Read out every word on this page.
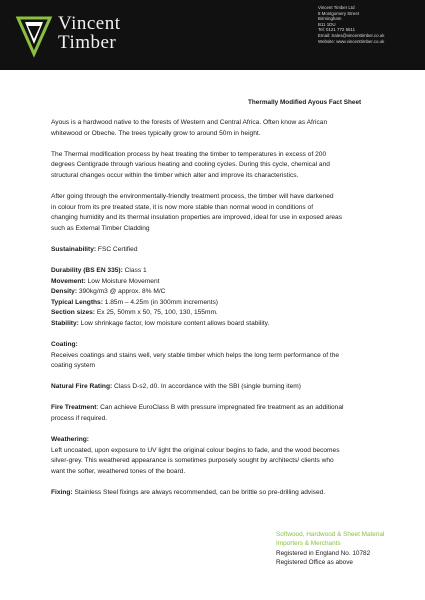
Vincent
Timber
Vincent Timber Ltd
8 Montgomery Street
Birmingham
B11 1DU
Tel: 0121 772 5511
Email: Sales@vincenttimber.co.uk
Website: www.vincenttimber.co.uk
Thermally Modified Ayous Fact Sheet

Ayous is a hardwood native to the forests of Western and Central Africa. Often know as African
whitewood or Obeche. The trees typically grow to around 50m in height.

The Thermal modification process by heat treating the timber to temperatures in excess of 200
degrees Centigrade through various heating and cooling cycles. During this cycle, chemical and
structural changes occur within the timber which alter and improve its characteristics.

After going through the environmentally-friendly treatment process, the timber will have darkened
in colour from its pre treated state, it is now more stable than normal wood in conditions of
changing humidity and its thermal insulation properties are improved, ideal for use in exposed areas
such as External Timber Cladding

Sustainability: FSC Certified

Durability (BS EN 335): Class 1
Movement: Low Moisture Movement
Density: 390kg/m3 @ approx. 8% M/C
Typical Lengths: 1.85m – 4.25m (in 300mm increments)
Section sizes: Ex 25, 50mm x 50, 75, 100, 130, 155mm.
Stability: Low shrinkage factor, low moisture content allows board stability.

Coating:
Receives coatings and stains well, very stable timber which helps the long term performance of the
coating system

Natural Fire Rating: Class D-s2, d0. In accordance with the SBI (single burning item)

Fire Treatment: Can achieve EuroClass B with pressure impregnated fire treatment as an additional
process if required.

Weathering:
Left uncoated, upon exposure to UV light the original colour begins to fade, and the wood becomes
silver-grey. This weathered appearance is sometimes purposely sought by architects/ clients who
want the softer, weathered tones of the board.

Fixing: Stainless Steel fixings are always recommended, can be brittle so pre-drilling advised.

Softwood, Hardwood & Sheet Material
Importers & Merchants
Registered in England No. 10782
Registered Office as above
